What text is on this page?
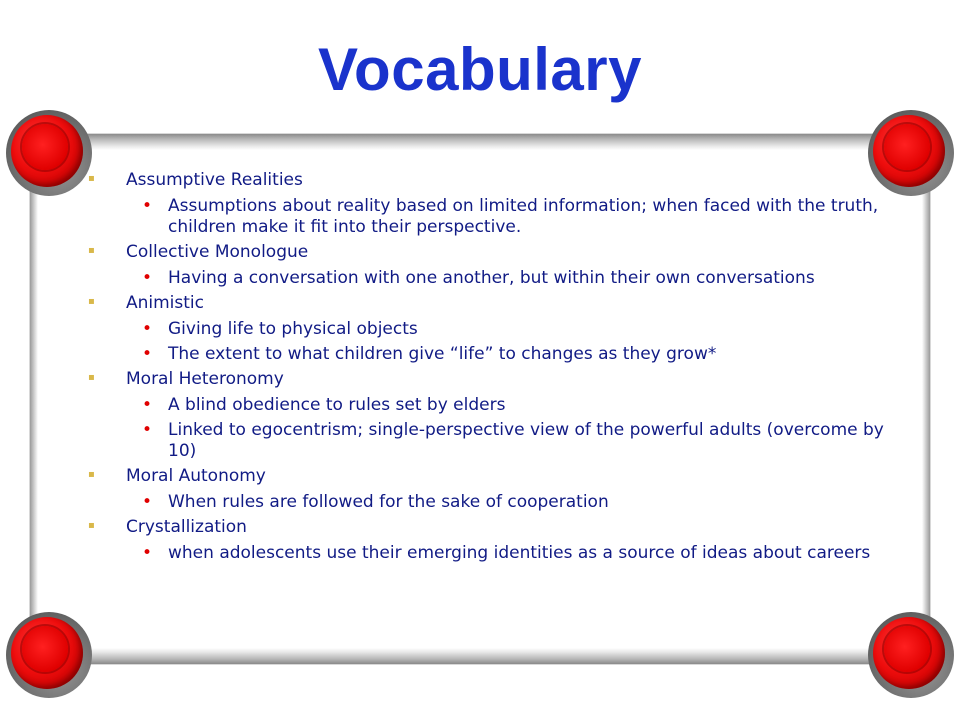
Vocabulary
▪ Assumptive Realities
• Assumptions about reality based on limited information; when faced with the truth, children make it fit into their perspective.
▪ Collective Monologue
• Having a conversation with one another, but within their own conversations
▪ Animistic
• Giving life to physical objects
• The extent to what children give “life” to changes as they grow*
▪ Moral Heteronomy
• A blind obedience to rules set by elders
• Linked to egocentrism; single-perspective view of the powerful adults (overcome by 10)
▪ Moral Autonomy
• When rules are followed for the sake of cooperation
▪ Crystallization
• when adolescents use their emerging identities as a source of ideas about careers
